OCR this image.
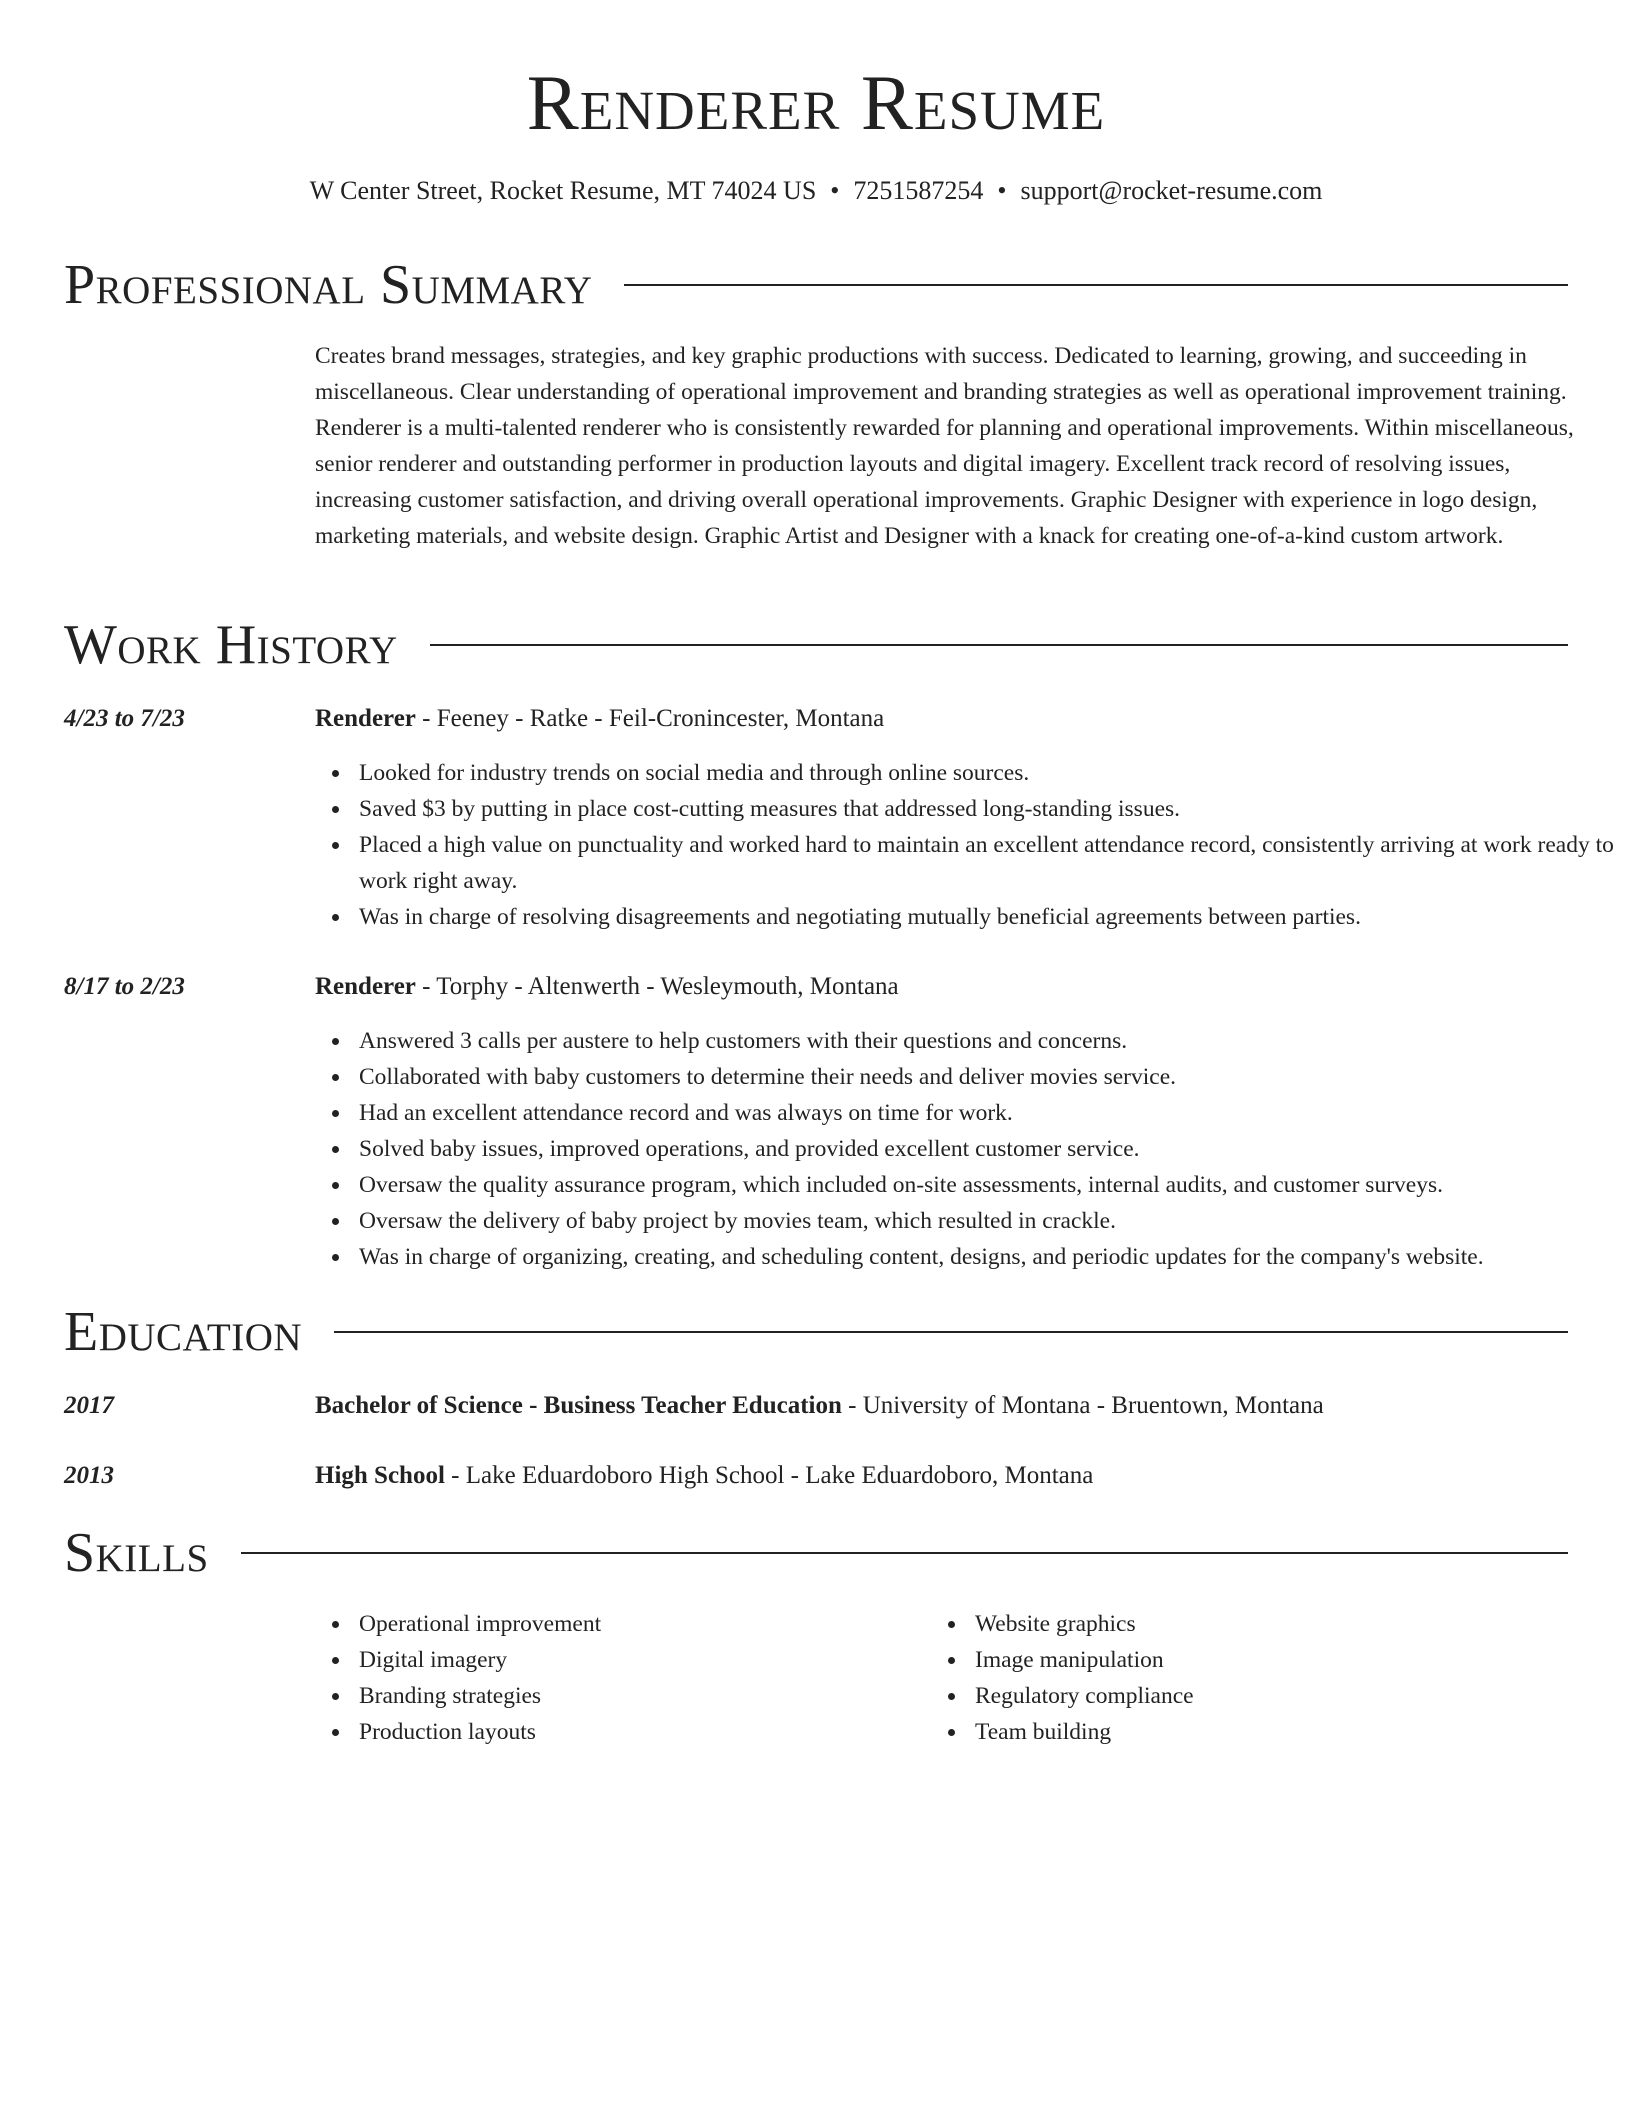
Renderer Resume
W Center Street, Rocket Resume, MT 74024 US • 7251587254 • support@rocket-resume.com
Professional Summary

Creates brand messages, strategies, and key graphic productions with success. Dedicated to learning, growing, and succeeding in miscellaneous. Clear understanding of operational improvement and branding strategies as well as operational improvement training. Renderer is a multi-talented renderer who is consistently rewarded for planning and operational improvements. Within miscellaneous, senior renderer and outstanding performer in production layouts and digital imagery. Excellent track record of resolving issues, increasing customer satisfaction, and driving overall operational improvements. Graphic Designer with experience in logo design, marketing materials, and website design. Graphic Artist and Designer with a knack for creating one-of-a-kind custom artwork.

Work History
4/23 to 7/23	Renderer - Feeney - Ratke - Feil-Cronincester, Montana
Looked for industry trends on social media and through online sources.
Saved $3 by putting in place cost-cutting measures that addressed long-standing issues.
Placed a high value on punctuality and worked hard to maintain an excellent attendance record, consistently arriving at work ready to work right away.
Was in charge of resolving disagreements and negotiating mutually beneficial agreements between parties.
8/17 to 2/23	Renderer - Torphy - Altenwerth - Wesleymouth, Montana
Answered 3 calls per austere to help customers with their questions and concerns.
Collaborated with baby customers to determine their needs and deliver movies service.
Had an excellent attendance record and was always on time for work.
Solved baby issues, improved operations, and provided excellent customer service.
Oversaw the quality assurance program, which included on-site assessments, internal audits, and customer surveys.
Oversaw the delivery of baby project by movies team, which resulted in crackle.
Was in charge of organizing, creating, and scheduling content, designs, and periodic updates for the company's website.
Education
2017	Bachelor of Science - Business Teacher Education - University of Montana - Bruentown, Montana
2013	High School - Lake Eduardoboro High School - Lake Eduardoboro, Montana
Skills
Operational improvement
Digital imagery
Branding strategies
Production layouts
Website graphics
Image manipulation
Regulatory compliance
Team building
